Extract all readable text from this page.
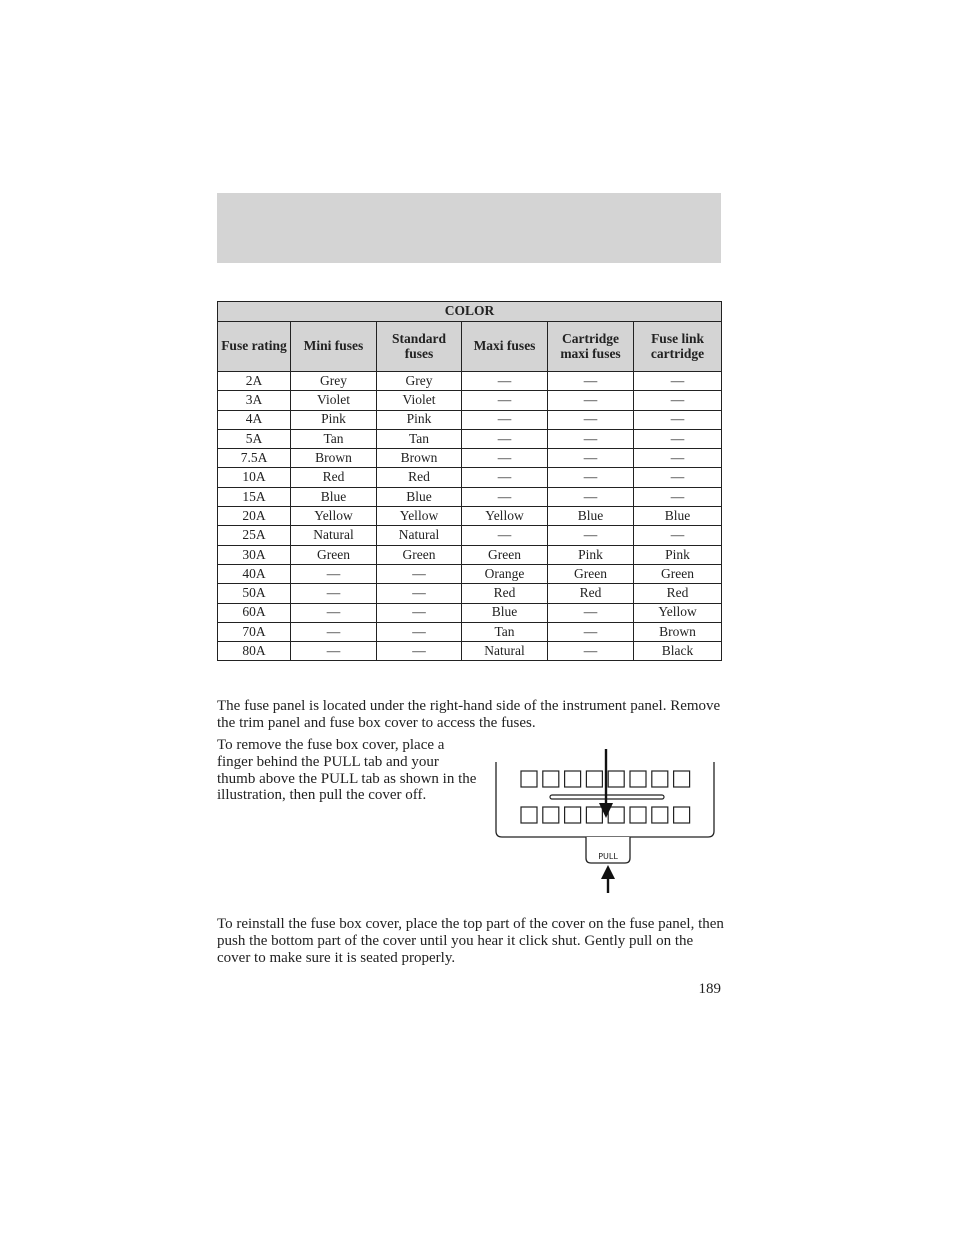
COLOR					
Fuse rating	Mini fuses	Standard fuses	Maxi fuses	Cartridge maxi fuses	Fuse link cartridge
2A	Grey	Grey	—	—	—
3A	Violet	Violet	—	—	—
4A	Pink	Pink	—	—	—
5A	Tan	Tan	—	—	—
7.5A	Brown	Brown	—	—	—
10A	Red	Red	—	—	—
15A	Blue	Blue	—	—	—
20A	Yellow	Yellow	Yellow	Blue	Blue
25A	Natural	Natural	—	—	—
30A	Green	Green	Green	Pink	Pink
40A	—	—	Orange	Green	Green
50A	—	—	Red	Red	Red
60A	—	—	Blue	—	Yellow
70A	—	—	Tan	—	Brown
80A	—	—	Natural	—	Black

The fuse panel is located under the right-hand side of the instrument panel. Remove the trim panel and fuse box cover to access the fuses.

To remove the fuse box cover, place a finger behind the PULL tab and your thumb above the PULL tab as shown in the illustration, then pull the cover off.

PULL

To reinstall the fuse box cover, place the top part of the cover on the fuse panel, then push the bottom part of the cover until you hear it click shut. Gently pull on the cover to make sure it is seated properly.

189
